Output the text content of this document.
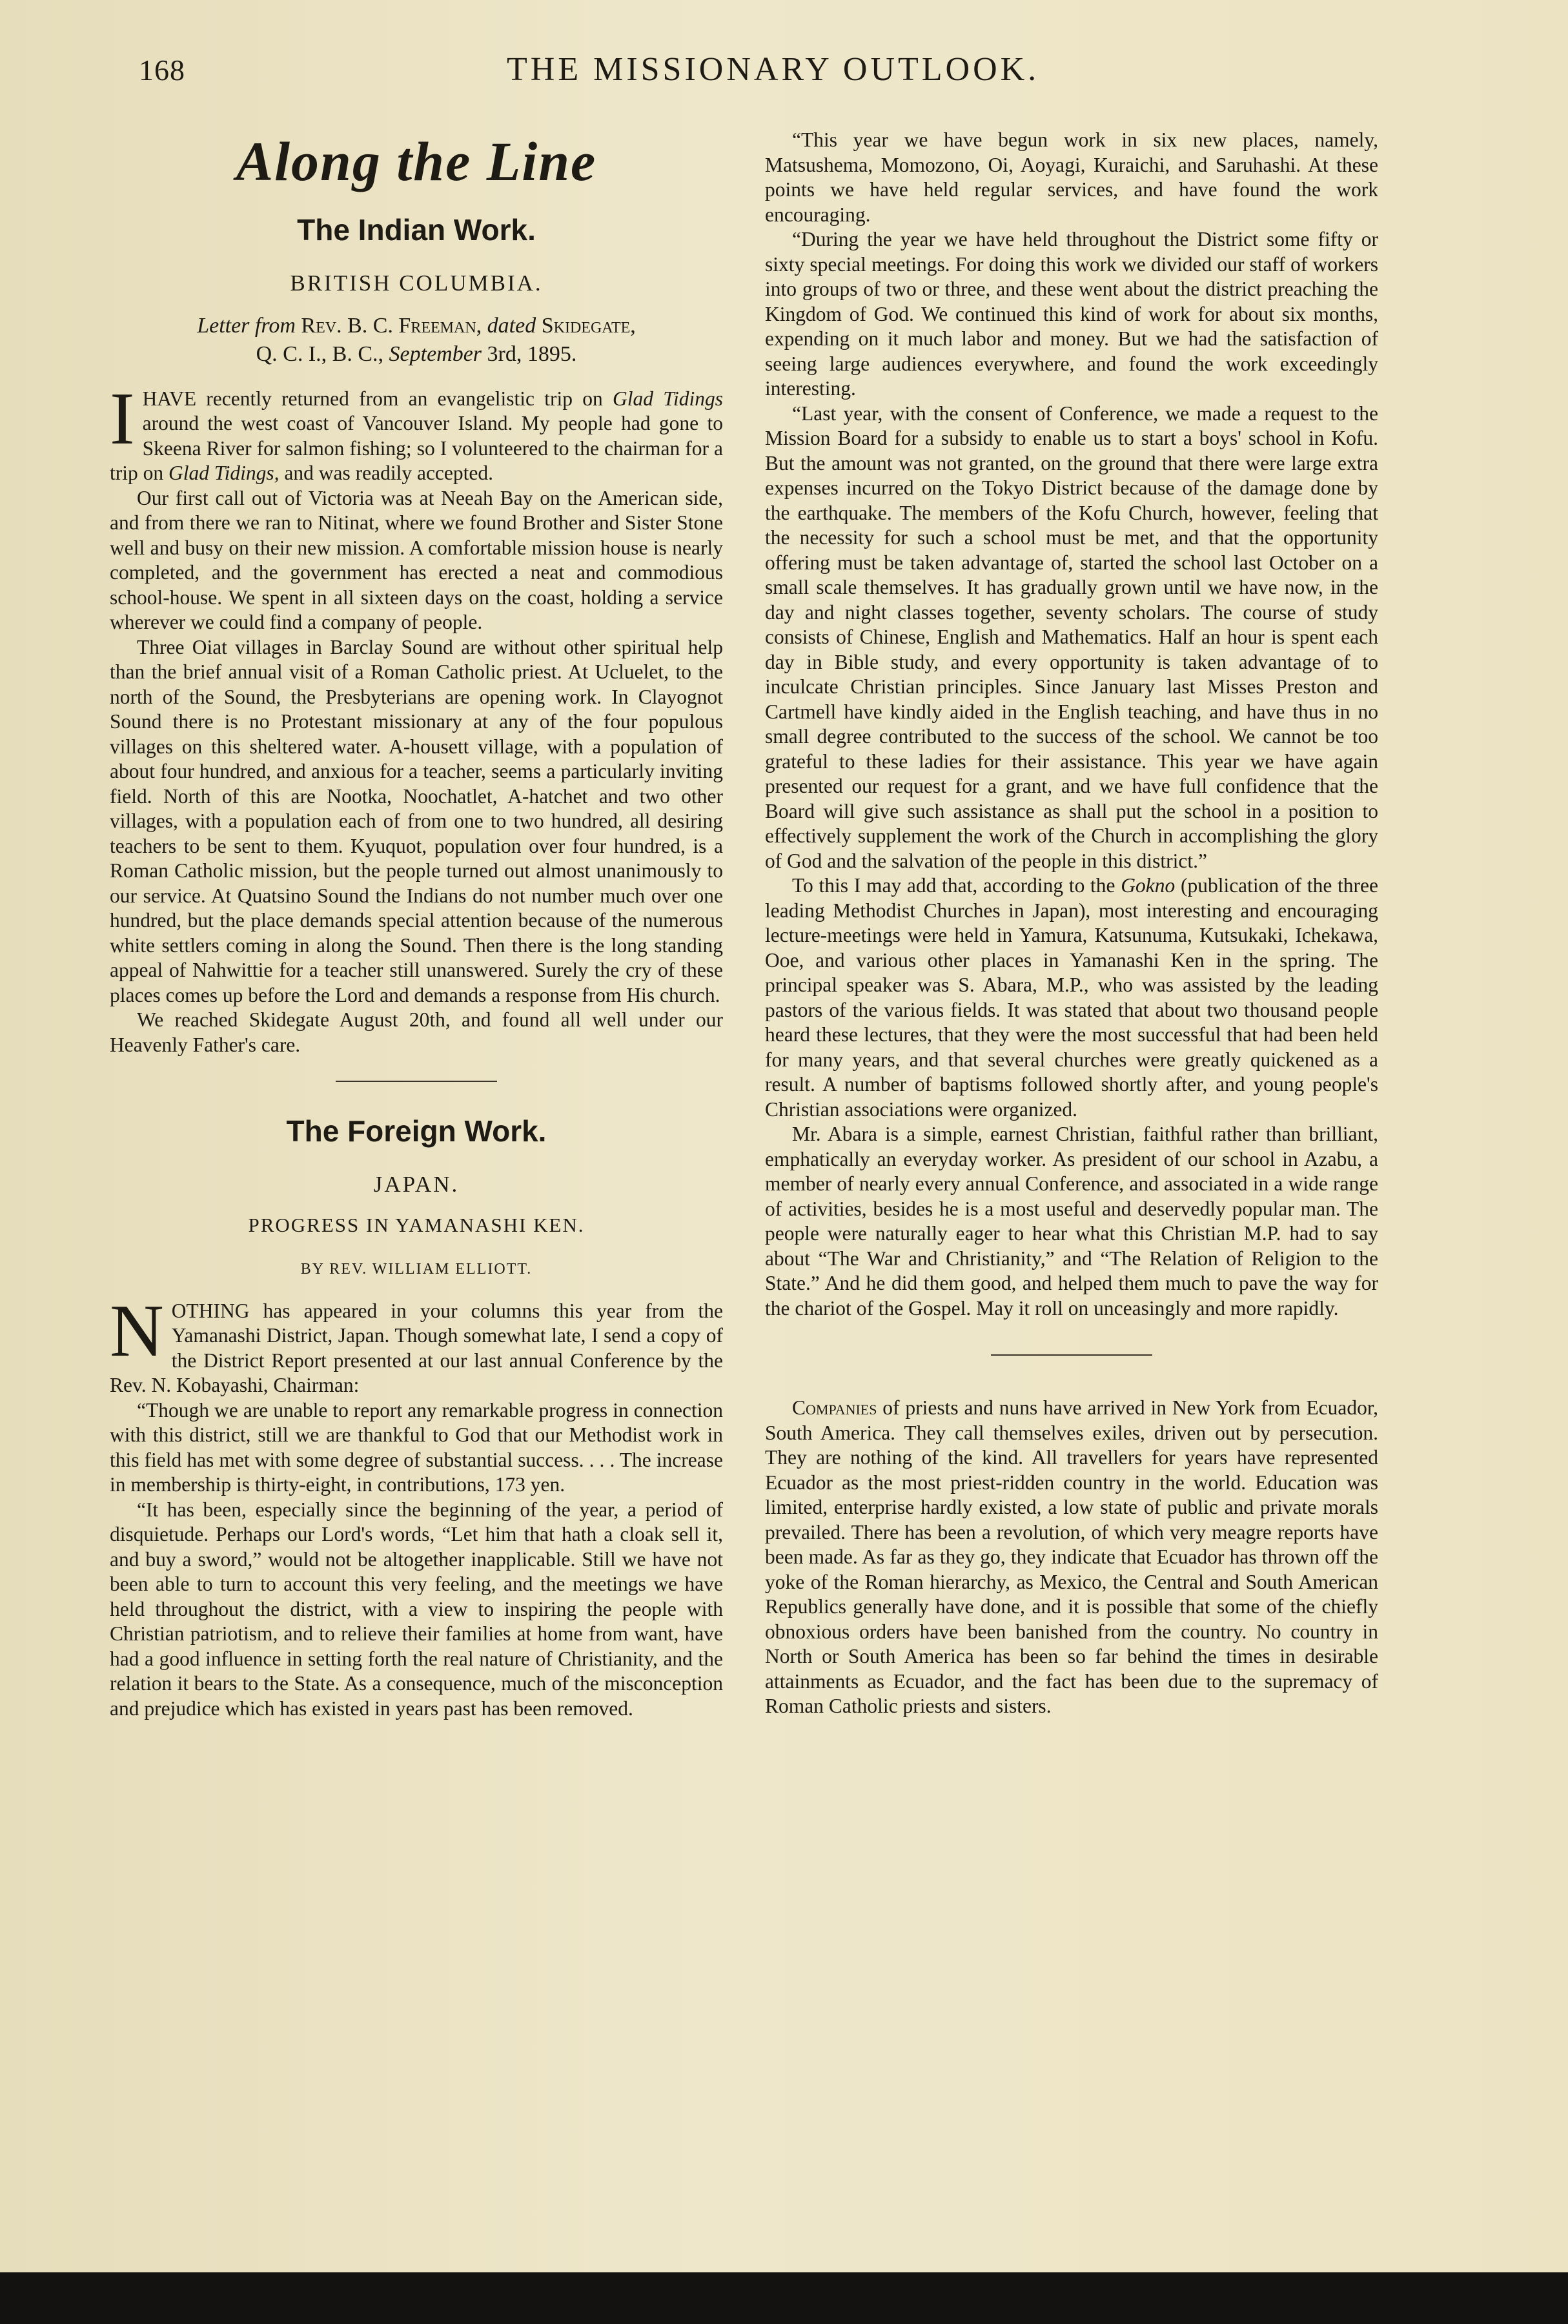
168	THE MISSIONARY OUTLOOK.
Along the Line
The Indian Work.
BRITISH COLUMBIA.
Letter from Rev. B. C. Freeman, dated Skidegate,
Q. C. I., B. C., September 3rd, 1895.

I HAVE recently returned from an evangelistic trip on Glad Tidings around the west coast of Vancouver Island. My people had gone to Skeena River for salmon fishing; so I volunteered to the chairman for a trip on Glad Tidings, and was readily accepted.

Our first call out of Victoria was at Neeah Bay on the American side, and from there we ran to Nitinat, where we found Brother and Sister Stone well and busy on their new mission. A comfortable mission house is nearly completed, and the government has erected a neat and commodious school-house. We spent in all sixteen days on the coast, holding a service wherever we could find a company of people.

Three Oiat villages in Barclay Sound are without other spiritual help than the brief annual visit of a Roman Catholic priest. At Ucluelet, to the north of the Sound, the Presbyterians are opening work. In Clayognot Sound there is no Protestant missionary at any of the four populous villages on this sheltered water. A-housett village, with a population of about four hundred, and anxious for a teacher, seems a particularly inviting field. North of this are Nootka, Noochatlet, A-hatchet and two other villages, with a population each of from one to two hundred, all desiring teachers to be sent to them. Kyuquot, population over four hundred, is a Roman Catholic mission, but the people turned out almost unanimously to our service. At Quatsino Sound the Indians do not number much over one hundred, but the place demands special attention because of the numerous white settlers coming in along the Sound. Then there is the long standing appeal of Nahwittie for a teacher still unanswered. Surely the cry of these places comes up before the Lord and demands a response from His church.

We reached Skidegate August 20th, and found all well under our Heavenly Father's care.

The Foreign Work.
JAPAN.
PROGRESS IN YAMANASHI KEN.
BY REV. WILLIAM ELLIOTT.

NOTHING has appeared in your columns this year from the Yamanashi District, Japan. Though somewhat late, I send a copy of the District Report presented at our last annual Conference by the Rev. N. Kobayashi, Chairman:

“Though we are unable to report any remarkable progress in connection with this district, still we are thankful to God that our Methodist work in this field has met with some degree of substantial success. . . . The increase in membership is thirty-eight, in contributions, 173 yen.

“It has been, especially since the beginning of the year, a period of disquietude. Perhaps our Lord's words, “Let him that hath a cloak sell it, and buy a sword,” would not be altogether inapplicable. Still we have not been able to turn to account this very feeling, and the meetings we have held throughout the district, with a view to inspiring the people with Christian patriotism, and to relieve their families at home from want, have had a good influence in setting forth the real nature of Christianity, and the relation it bears to the State. As a consequence, much of the misconception and prejudice which has existed in years past has been removed.

“This year we have begun work in six new places, namely, Matsushema, Momozono, Oi, Aoyagi, Kuraichi, and Saruhashi. At these points we have held regular services, and have found the work encouraging.

“During the year we have held throughout the District some fifty or sixty special meetings. For doing this work we divided our staff of workers into groups of two or three, and these went about the district preaching the Kingdom of God. We continued this kind of work for about six months, expending on it much labor and money. But we had the satisfaction of seeing large audiences everywhere, and found the work exceedingly interesting.

“Last year, with the consent of Conference, we made a request to the Mission Board for a subsidy to enable us to start a boys' school in Kofu. But the amount was not granted, on the ground that there were large extra expenses incurred on the Tokyo District because of the damage done by the earthquake. The members of the Kofu Church, however, feeling that the necessity for such a school must be met, and that the opportunity offering must be taken advantage of, started the school last October on a small scale themselves. It has gradually grown until we have now, in the day and night classes together, seventy scholars. The course of study consists of Chinese, English and Mathematics. Half an hour is spent each day in Bible study, and every opportunity is taken advantage of to inculcate Christian principles. Since January last Misses Preston and Cartmell have kindly aided in the English teaching, and have thus in no small degree contributed to the success of the school. We cannot be too grateful to these ladies for their assistance. This year we have again presented our request for a grant, and we have full confidence that the Board will give such assistance as shall put the school in a position to effectively supplement the work of the Church in accomplishing the glory of God and the salvation of the people in this district.”

To this I may add that, according to the Gokno (publication of the three leading Methodist Churches in Japan), most interesting and encouraging lecture-meetings were held in Yamura, Katsunuma, Kutsukaki, Ichekawa, Ooe, and various other places in Yamanashi Ken in the spring. The principal speaker was S. Abara, M.P., who was assisted by the leading pastors of the various fields. It was stated that about two thousand people heard these lectures, that they were the most successful that had been held for many years, and that several churches were greatly quickened as a result. A number of baptisms followed shortly after, and young people's Christian associations were organized.

Mr. Abara is a simple, earnest Christian, faithful rather than brilliant, emphatically an everyday worker. As president of our school in Azabu, a member of nearly every annual Conference, and associated in a wide range of activities, besides he is a most useful and deservedly popular man. The people were naturally eager to hear what this Christian M.P. had to say about “The War and Christianity,” and “The Relation of Religion to the State.” And he did them good, and helped them much to pave the way for the chariot of the Gospel. May it roll on unceasingly and more rapidly.

Companies of priests and nuns have arrived in New York from Ecuador, South America. They call themselves exiles, driven out by persecution. They are nothing of the kind. All travellers for years have represented Ecuador as the most priest-ridden country in the world. Education was limited, enterprise hardly existed, a low state of public and private morals prevailed. There has been a revolution, of which very meagre reports have been made. As far as they go, they indicate that Ecuador has thrown off the yoke of the Roman hierarchy, as Mexico, the Central and South American Republics generally have done, and it is possible that some of the chiefly obnoxious orders have been banished from the country. No country in North or South America has been so far behind the times in desirable attainments as Ecuador, and the fact has been due to the supremacy of Roman Catholic priests and sisters.
